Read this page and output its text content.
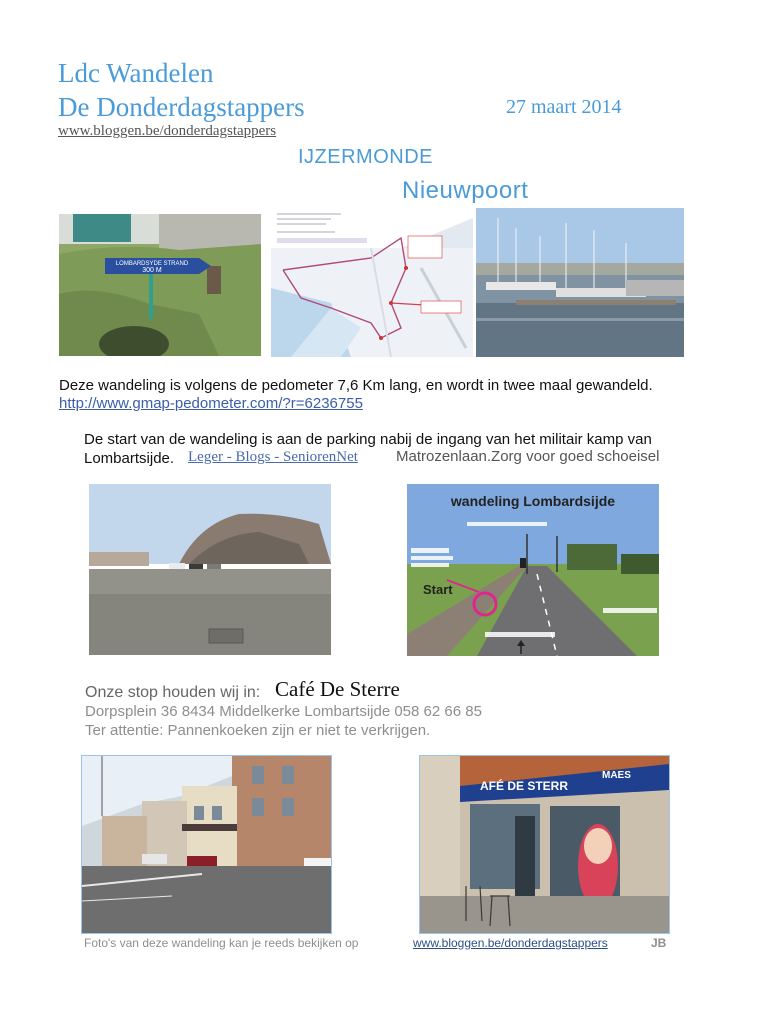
Ldc Wandelen
De Donderdagstappers	27 maart 2014
www.bloggen.be/donderdagstappers
IJZERMONDE
Nieuwpoort
LOMBARDSYDE STRAND
300 M
Deze wandeling is volgens de pedometer 7,6 Km lang, en wordt in twee maal gewandeld.
http://www.gmap-pedometer.com/?r=6236755
De start van de wandeling is aan de parking nabij de ingang van het militair kamp van
Lombartsijde. Leger - Blogs - SeniorenNet	Matrozenlaan.Zorg voor goed schoeisel
wandeling Lombardsijde
Start
Onze stop houden wij in: Café De Sterre
Dorpsplein 36 8434 Middelkerke Lombartsijde 058 62 66 85
Ter attentie: Pannenkoeken zijn er niet te verkrijgen.
AFÉ DE STERR
MAES
Foto's van deze wandeling kan je reeds bekijken op	www.bloggen.be/donderdagstappers	JB
